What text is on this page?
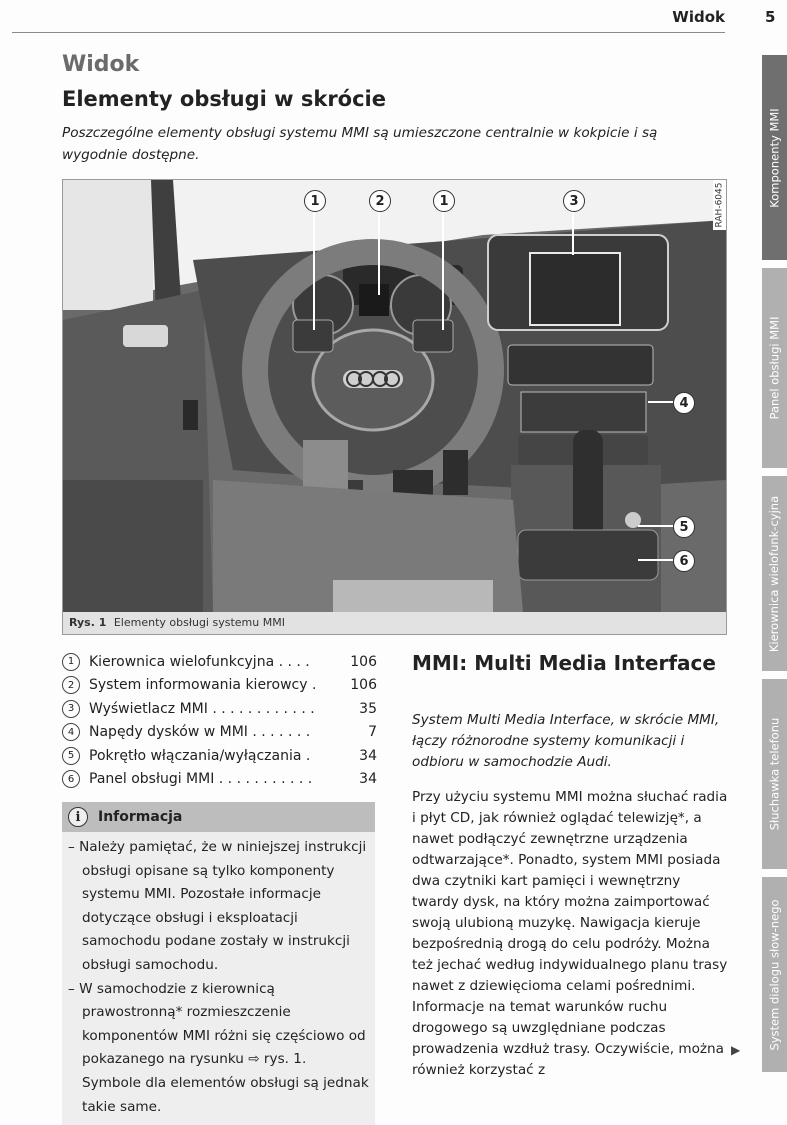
Widok	5
Widok
Elementy obsługi w skrócie
Poszczególne elementy obsługi systemu MMI są umieszczone centralnie w kokpicie i są wygodnie dostępne.
1	2	1	3
4
5
6
RAH-6045
Rys. 1 Elementy obsługi systemu MMI
1	Kierownica wielofunkcyjna . . . .	106
2	System informowania kierowcy .	106
3	Wyświetlacz MMI . . . . . . . . . . . .	35
4	Napędy dysków w MMI . . . . . . .	7
5	Pokrętło włączania/wyłączania .	34
6	Panel obsługi MMI . . . . . . . . . . .	34
i	Informacja
– Należy pamiętać, że w niniejszej instrukcji obsługi opisane są tylko komponenty systemu MMI. Pozostałe informacje dotyczące obsługi i eksploatacji samochodu podane zostały w instrukcji obsługi samochodu.
– W samochodzie z kierownicą prawostronną* rozmieszczenie komponentów MMI różni się częściowo od pokazanego na rysunku ⇨ rys. 1. Symbole dla elementów obsługi są jednak takie same.
MMI: Multi Media Interface
System Multi Media Interface, w skrócie MMI, łączy różnorodne systemy komunikacji i odbioru w samochodzie Audi.
Przy użyciu systemu MMI można słuchać radia i płyt CD, jak również oglądać telewizję*, a nawet podłączyć zewnętrzne urządzenia odtwarzające*. Ponadto, system MMI posiada dwa czytniki kart pamięci i wewnętrzny twardy dysk, na który można zaimportować swoją ulubioną muzykę. Nawigacja kieruje bezpośrednią drogą do celu podróży. Można też jechać według indywidualnego planu trasy nawet z dziewięcioma celami pośrednimi. Informacje na temat warunków ruchu drogowego są uwzględniane podczas prowadzenia wzdłuż trasy. Oczywiście, można również korzystać z
▶
Komponenty MMI
Panel obsługi MMI
Kierownica wielofunk-cyjna
Słuchawka telefonu
System dialogu słow-nego
